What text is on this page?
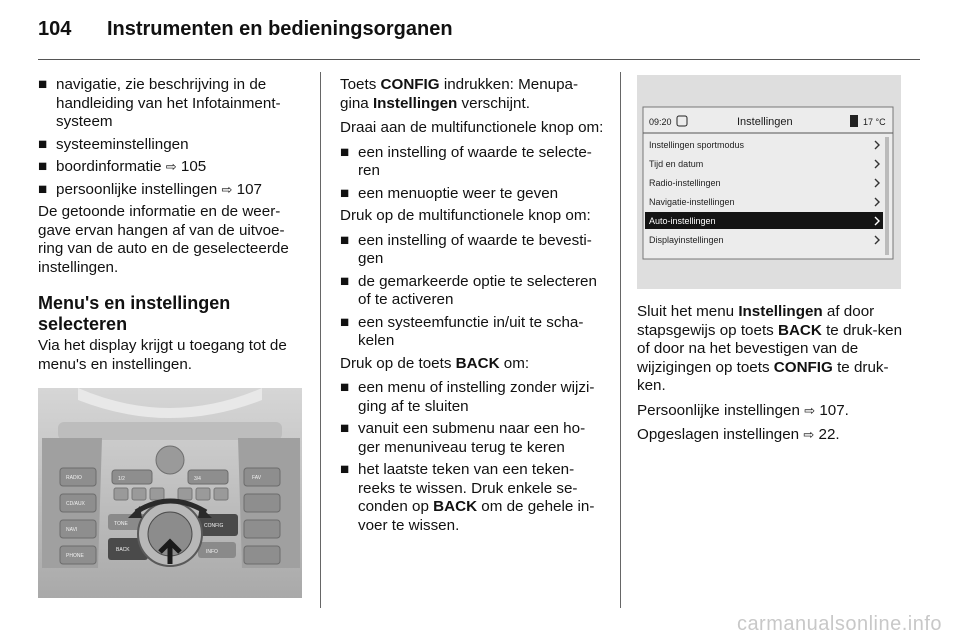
104 Instrumenten en bedieningsorganen
■ navigatie, zie beschrijving in de handleiding van het Infotainment-systeem
■ systeeminstellingen
■ boordinformatie ⇨ 105
■ persoonlijke instellingen ⇨ 107

De getoonde informatie en de weer-gave ervan hangen af van de uitvoe-ring van de auto en de geselecteerde instellingen.

Menu's en instellingen selecteren

Via het display krijgt u toegang tot de menu's en instellingen.

RADIO
CD/AUX
NAVI
PHONE
TONE
BACK
CONFIG
INFO
FAV
1/2	3/4

Toets CONFIG indrukken: Menupa-gina Instellingen verschijnt.

Draai aan de multifunctionele knop om:

■ een instelling of waarde te selecte-ren
■ een menuoptie weer te geven

Druk op de multifunctionele knop om:

■ een instelling of waarde te bevesti-gen
■ de gemarkeerde optie te selecteren of te activeren
■ een systeemfunctie in/uit te scha-kelen

Druk op de toets BACK om:

■ een menu of instelling zonder wijzi-ging af te sluiten
■ vanuit een submenu naar een ho-ger menuniveau terug te keren
■ het laatste teken van een teken-reeks te wissen. Druk enkele se-conden op BACK om de gehele in-voer te wissen.
09:20	Instellingen	17 °C
Instellingen sportmodus
Tijd en datum
Radio-instellingen
Navigatie-instellingen
Auto-instellingen
Displayinstellingen

Sluit het menu Instellingen af door stapsgewijs op toets BACK te druk-ken of door na het bevestigen van de wijzigingen op toets CONFIG te druk-ken.

Persoonlijke instellingen ⇨ 107.

Opgeslagen instellingen ⇨ 22.

carmanualsonline.info
